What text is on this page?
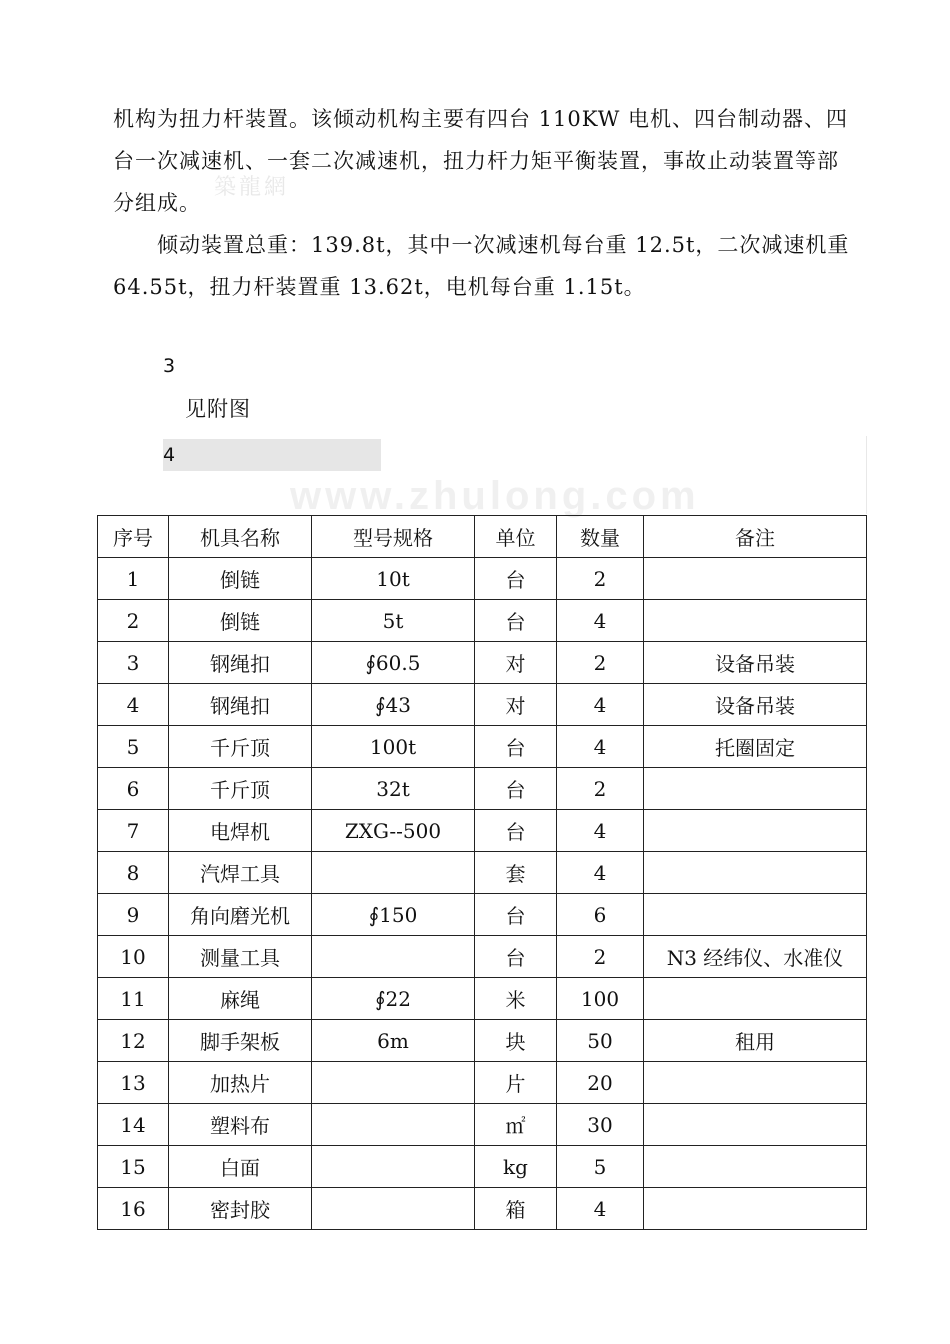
築龍網
www.zhulong.com

机构为扭力杆装置。该倾动机构主要有四台 110KW 电机、四台制动器、四台一次减速机、一套二次减速机，扭力杆力矩平衡装置，事故止动装置等部分组成。

倾动装置总重：139.8t，其中一次减速机每台重 12.5t，二次减速机重 64.55t，扭力杆装置重 13.62t，电机每台重 1.15t。

3
见附图
4
序号	机具名称	型号规格	单位	数量	备注
1	倒链	10t	台	2	
2	倒链	5t	台	4	
3	钢绳扣	∮60.5	对	2	设备吊装
4	钢绳扣	∮43	对	4	设备吊装
5	千斤顶	100t	台	4	托圈固定
6	千斤顶	32t	台	2	
7	电焊机	ZXG--500	台	4	
8	汽焊工具		套	4	
9	角向磨光机	∮150	台	6	
10	测量工具		台	2	N3 经纬仪、水准仪
11	麻绳	∮22	米	100	
12	脚手架板	6m	块	50	租用
13	加热片		片	20	
14	塑料布		㎡	30	
15	白面		kg	5	
16	密封胶		箱	4	
